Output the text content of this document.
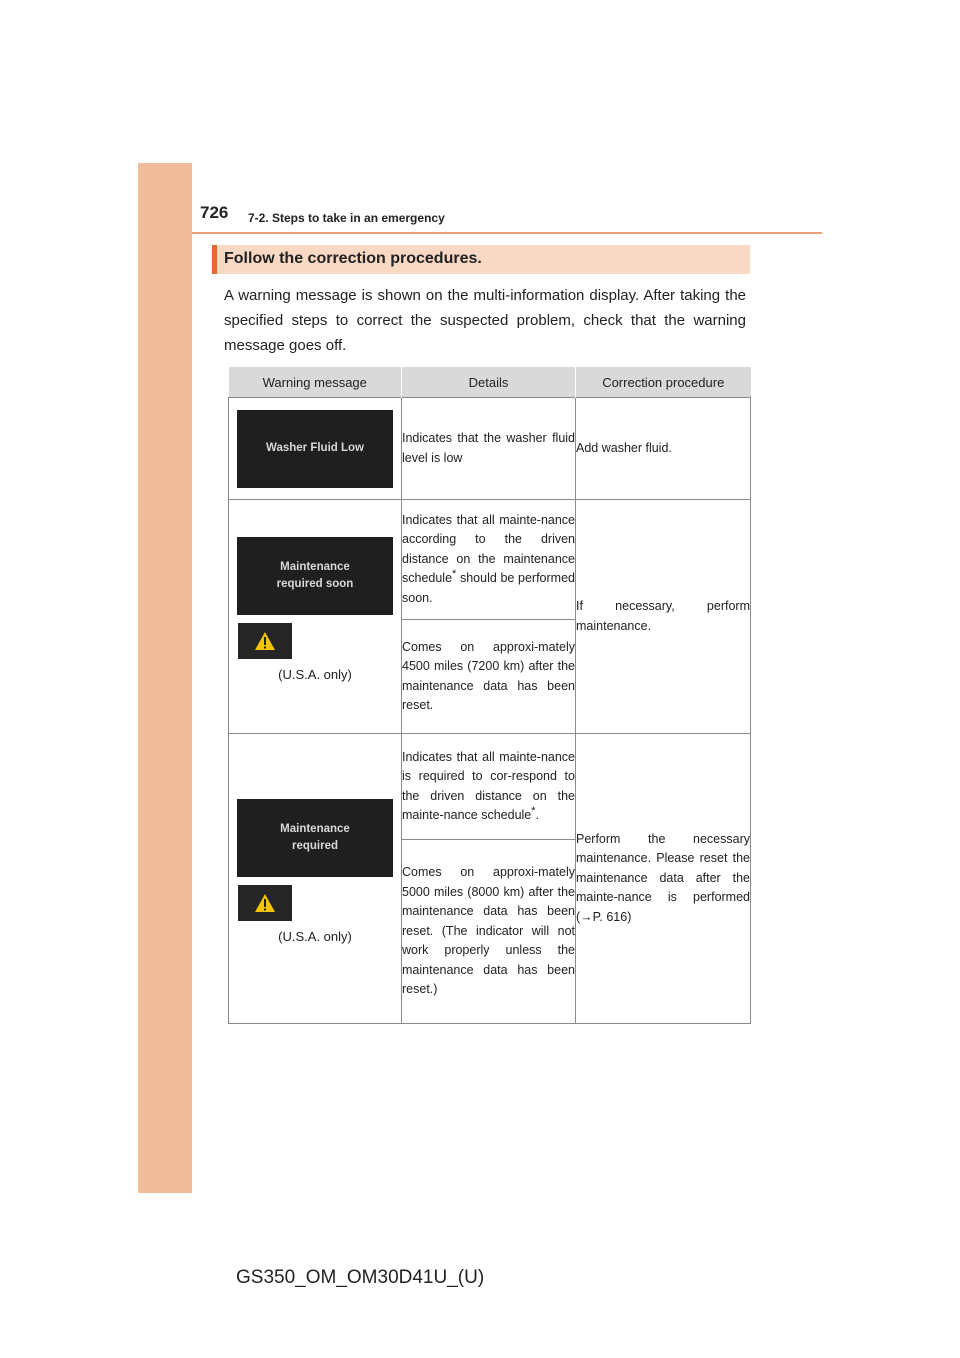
726 7-2. Steps to take in an emergency
Follow the correction procedures.
A warning message is shown on the multi-information display. After taking the specified steps to correct the suspected problem, check that the warning message goes off.
Warning message	Details	Correction procedure

Washer Fluid Low	Indicates that the washer fluid level is low	Add washer fluid.

Maintenance
required soon
(U.S.A. only)	Indicates that all mainte-nance according to the driven distance on the maintenance schedule* should be performed soon.	If necessary, perform maintenance.
	Comes on approxi-mately 4500 miles (7200 km) after the maintenance data has been reset.	

Maintenance
required
(U.S.A. only)	Indicates that all mainte-nance is required to cor-respond to the driven distance on the mainte-nance schedule*.	Perform the necessary maintenance. Please reset the maintenance data after the mainte-nance is performed (→P. 616)
	Comes on approxi-mately 5000 miles (8000 km) after the maintenance data has been reset. (The indicator will not work properly unless the maintenance data has been reset.)	
GS350_OM_OM30D41U_(U)
